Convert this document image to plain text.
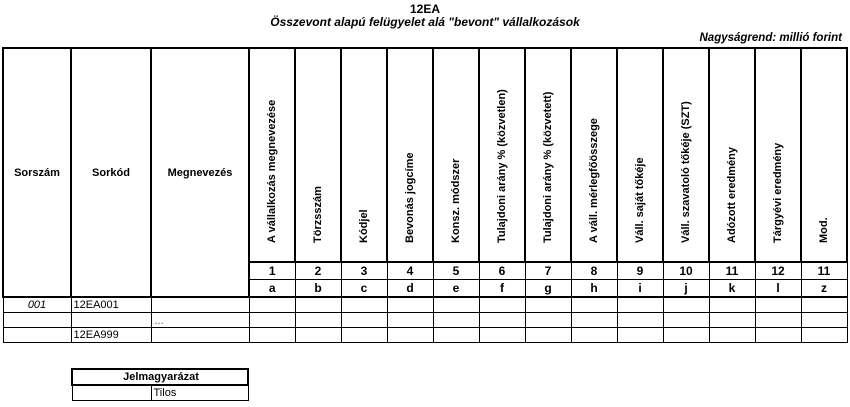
12EA
Összevont alapú felügyelet alá "bevont" vállalkozások
Nagyságrend: millió forint
Sorszám	Sorkód	Megnevezés	A vállalkozás megnevezése	Törzsszám	Kódjel	Bevonás jogcíme	Konsz. módszer	Tulajdoni arány % (közvetlen)	Tulajdoni arány % (közvetett)	A váll. mérlegfőösszege	Váll. saját tőkéje	Váll. szavatoló tőkéje (SZT)	Adózott eredmény	Tárgyévi eredmény	Mod.

			1	2	3	4	5	6	7	8	9	10	11	12	11
			a	b	c	d	e	f	g	h	i	j	k	l	z
001	12EA001														
		...													
	12EA999														
Jelmagyarázat
	Tilos
